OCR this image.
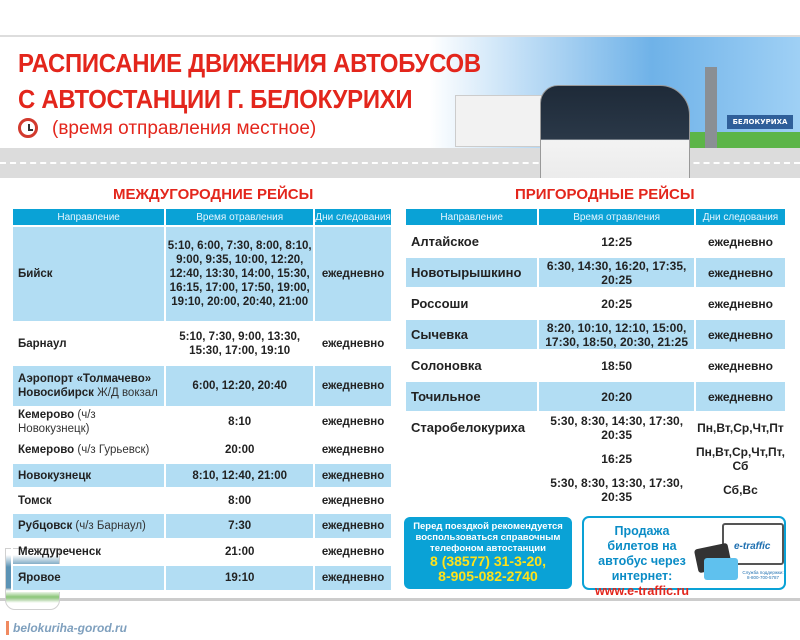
БЕЛОКУРИХА
РАСПИСАНИЕ ДВИЖЕНИЯ АВТОБУСОВ
С АВТОСТАНЦИИ Г. БЕЛОКУРИХИ
(время отправления местное)
МЕЖДУГОРОДНИЕ РЕЙСЫ	ПРИГОРОДНЫЕ РЕЙСЫ
Направление	Время отравления	Дни следования
Бийск	5:10, 6:00, 7:30, 8:00, 8:10, 9:00, 9:35, 10:00, 12:20, 12:40, 13:30, 14:00, 15:30, 16:15, 17:00, 17:50, 19:00, 19:10, 20:00, 20:40, 21:00	ежедневно
Барнаул	5:10, 7:30, 9:00, 13:30, 15:30, 17:00, 19:10	ежедневно
Аэропорт «Толмачево»
Новосибирск Ж/Д вокзал	6:00, 12:20, 20:40	ежедневно
Кемерово (ч/з Новокузнецк)	8:10	ежедневно
Кемерово (ч/з Гурьевск)	20:00	ежедневно
Новокузнецк	8:10, 12:40, 21:00	ежедневно
Томск	8:00	ежедневно
Рубцовск (ч/з Барнаул)	7:30	ежедневно
Междуреченск	21:00	ежедневно
Яровое	19:10	ежедневно
Направление	Время отравления	Дни следования
Алтайское	12:25	ежедневно
Новотырышкино	6:30, 14:30, 16:20, 17:35, 20:25	ежедневно
Россоши	20:25	ежедневно
Сычевка	8:20, 10:10, 12:10, 15:00, 17:30, 18:50, 20:30, 21:25	ежедневно
Солоновка	18:50	ежедневно
Точильное	20:20	ежедневно
Старобелокуриха	5:30, 8:30, 14:30, 17:30, 20:35	Пн,Вт,Ср,Чт,Пт
	16:25	Пн,Вт,Ср,Чт,Пт, Сб
	5:30, 8:30, 13:30, 17:30, 20:35	Сб,Вс
Перед поездкой рекомендуется воспользоваться справочным телефоном автостанции
8 (38577) 31-3-20,
8-905-082-2740
Продажа билетов на автобус через интернет:
www.e-traffic.ru
e-traffic
Служба поддержки: 8-800-700-5787
belokuriha-gorod.ru
